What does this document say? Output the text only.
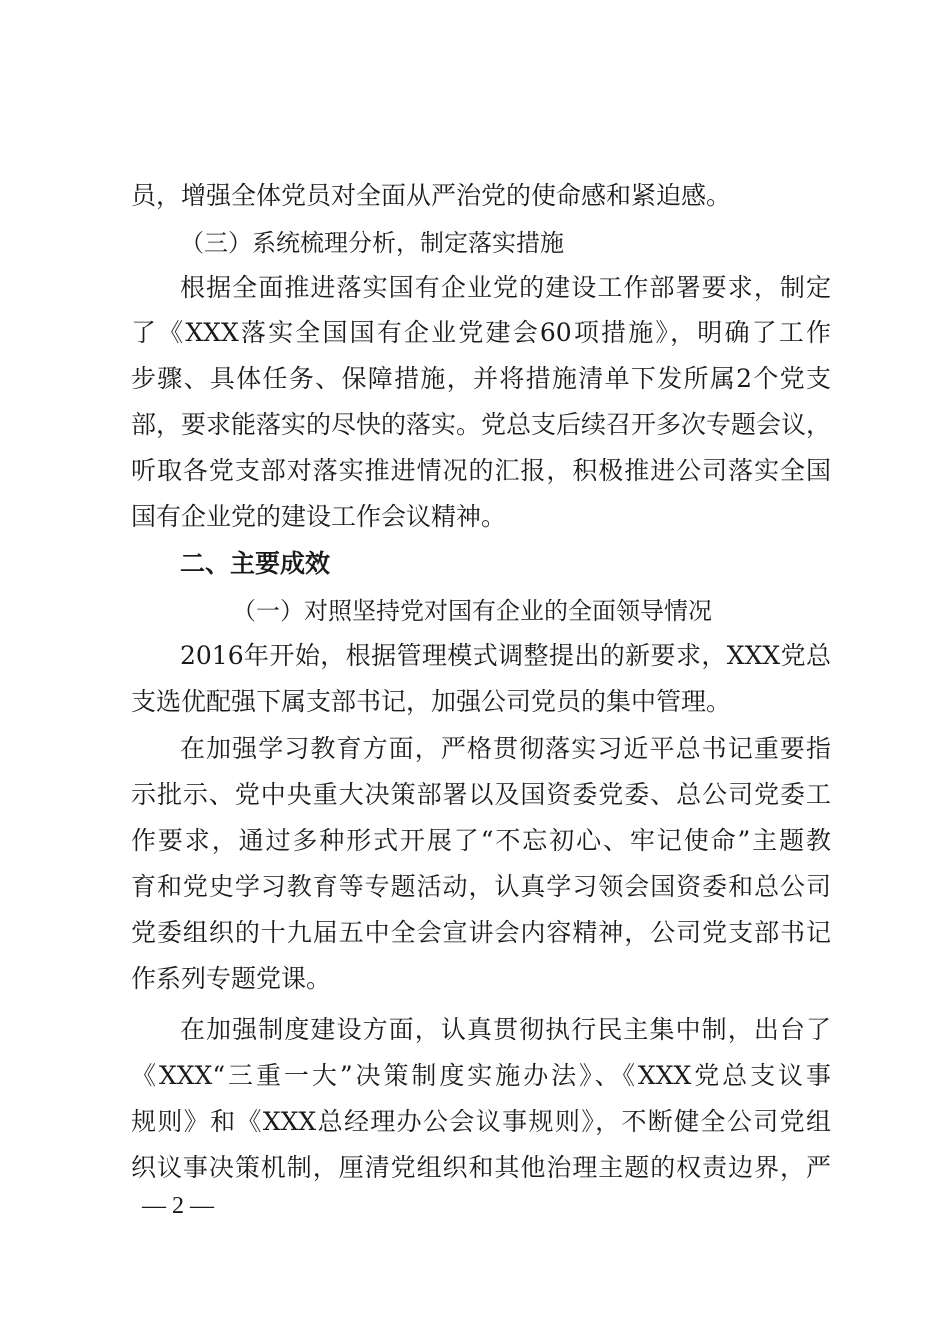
员，增强全体党员对全面从严治党的使命感和紧迫感。
（三）系统梳理分析，制定落实措施
根据全面推进落实国有企业党的建设工作部署要求，制定
了《XXX落实全国国有企业党建会60项措施》，明确了工作
步骤、具体任务、保障措施，并将措施清单下发所属2个党支
部，要求能落实的尽快的落实。党总支后续召开多次专题会议，
听取各党支部对落实推进情况的汇报，积极推进公司落实全国
国有企业党的建设工作会议精神。
二、主要成效
（一）对照坚持党对国有企业的全面领导情况
2016年开始，根据管理模式调整提出的新要求，XXX党总
支选优配强下属支部书记，加强公司党员的集中管理。
在加强学习教育方面，严格贯彻落实习近平总书记重要指
示批示、党中央重大决策部署以及国资委党委、总公司党委工
作要求，通过多种形式开展了“不忘初心、牢记使命”主题教
育和党史学习教育等专题活动，认真学习领会国资委和总公司
党委组织的十九届五中全会宣讲会内容精神，公司党支部书记
作系列专题党课。
在加强制度建设方面，认真贯彻执行民主集中制，出台了
《XXX“三重一大”决策制度实施办法》、《XXX党总支议事
规则》和《XXX总经理办公会议事规则》，不断健全公司党组
织议事决策机制，厘清党组织和其他治理主题的权责边界，严
— 2 —
